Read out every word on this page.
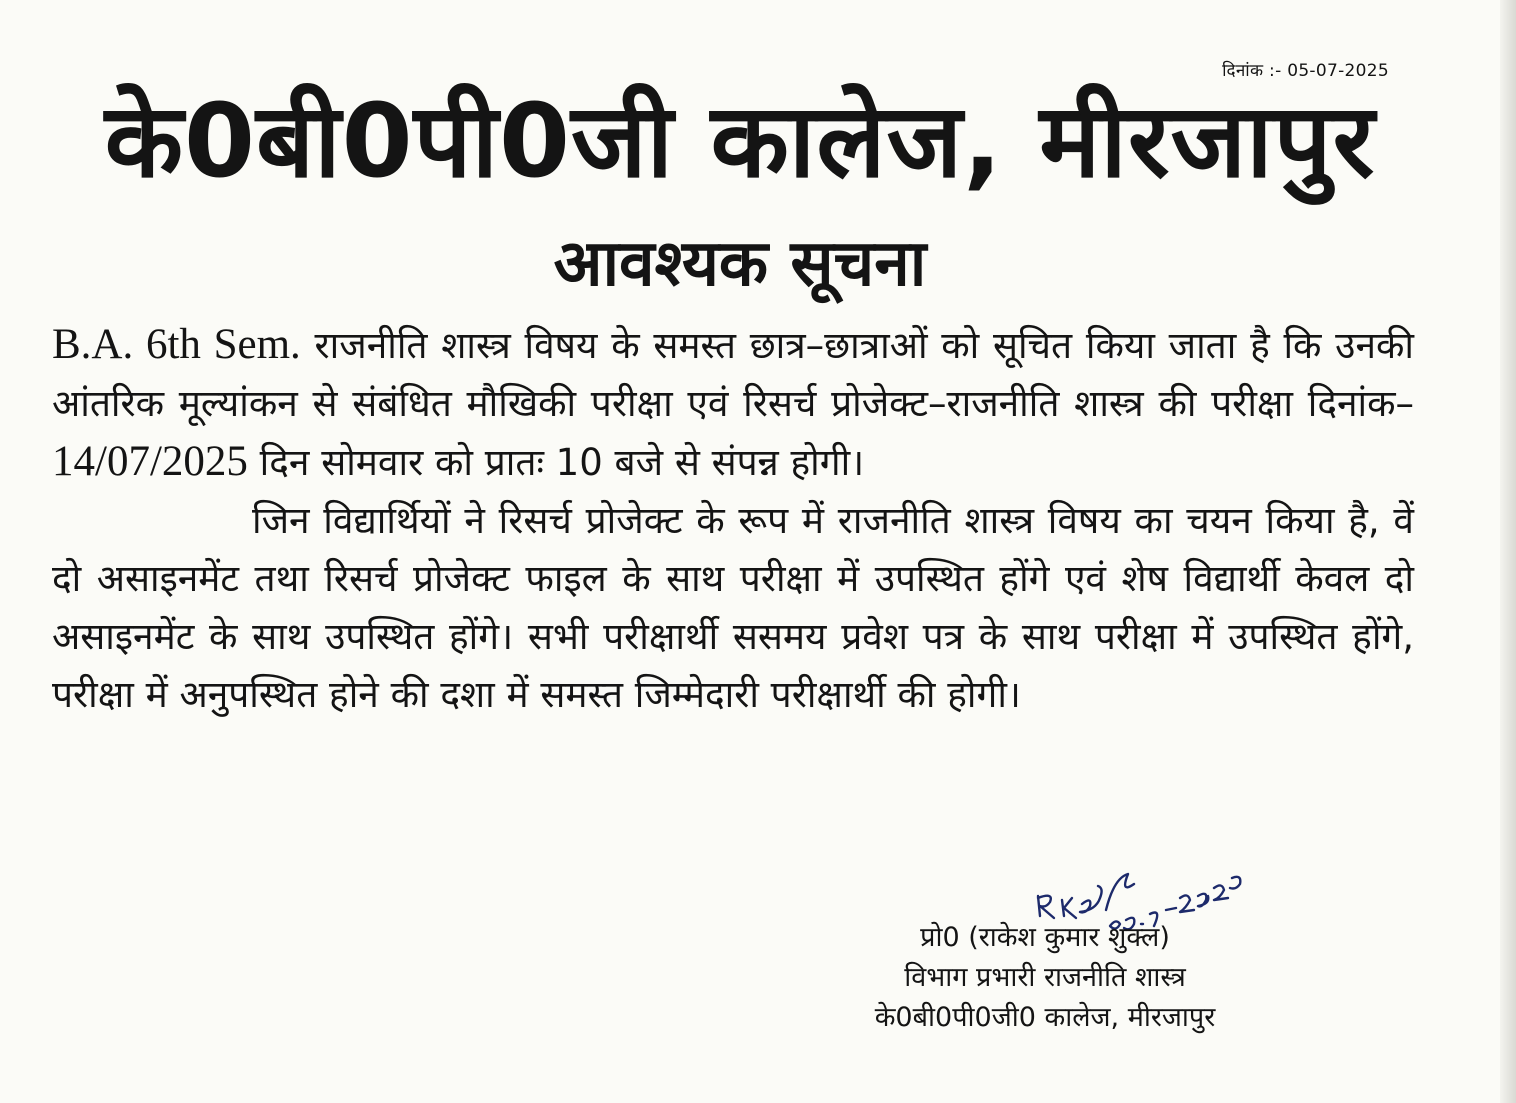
दिनांक :- 05-07-2025
के0बी0पी0जी कालेज, मीरजापुर
आवश्यक सूचना

B.A. 6th Sem. राजनीति शास्त्र विषय के समस्त छात्र–छात्राओं को सूचित किया जाता है कि उनकी आंतरिक मूल्यांकन से संबंधित मौखिकी परीक्षा एवं रिसर्च प्रोजेक्ट–राजनीति शास्त्र की परीक्षा दिनांक–14/07/2025 दिन सोमवार को प्रातः 10 बजे से संपन्न होगी।

जिन विद्यार्थियों ने रिसर्च प्रोजेक्ट के रूप में राजनीति शास्त्र विषय का चयन किया है, वें दो असाइनमेंट तथा रिसर्च प्रोजेक्ट फाइल के साथ परीक्षा में उपस्थित होंगे एवं शेष विद्यार्थी केवल दो असाइनमेंट के साथ उपस्थित होंगे। सभी परीक्षार्थी ससमय प्रवेश पत्र के साथ परीक्षा में उपस्थित होंगे, परीक्षा में अनुपस्थित होने की दशा में समस्त जिम्मेदारी परीक्षार्थी की होगी।

प्रो0 (राकेश कुमार शुक्ल)
विभाग प्रभारी राजनीति शास्त्र
के0बी0पी0जी0 कालेज, मीरजापुर
